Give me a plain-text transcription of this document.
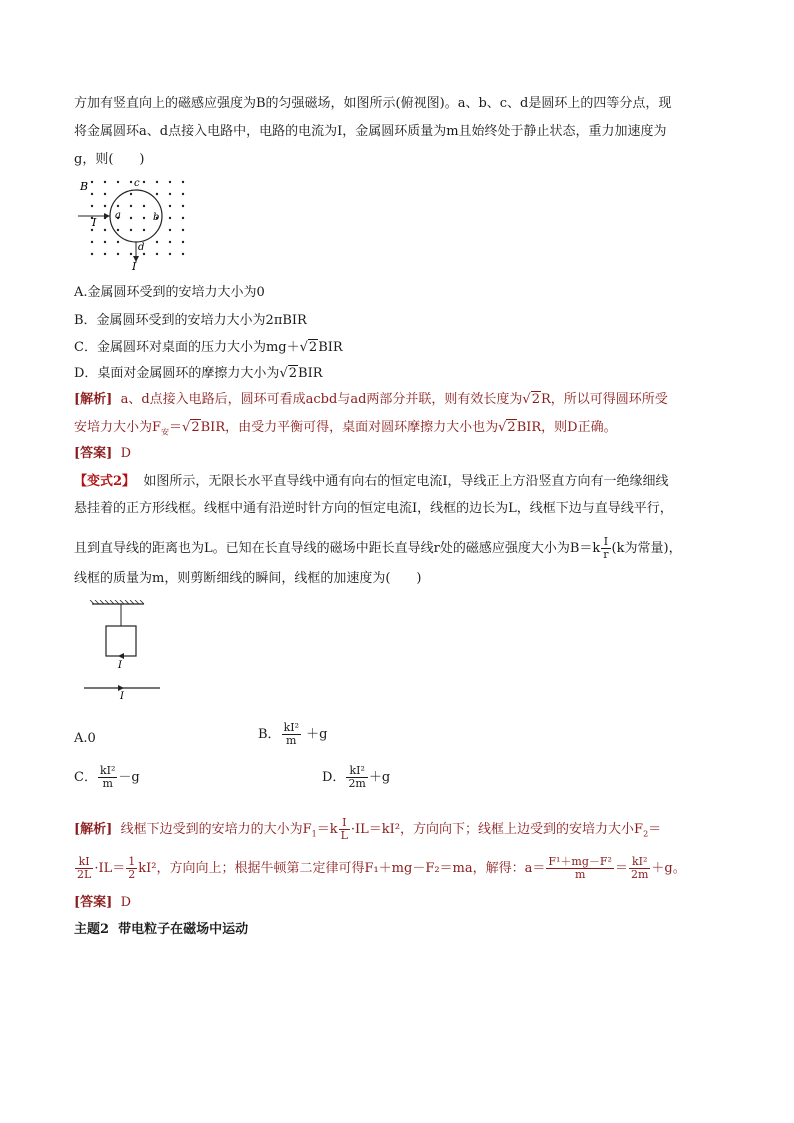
方加有竖直向上的磁感应强度为B的匀强磁场，如图所示(俯视图)。a、b、c、d是圆环上的四等分点，现
将金属圆环a、d点接入电路中，电路的电流为I，金属圆环质量为m且始终处于静止状态，重力加速度为
g，则(　　)
B	c
a	b
d
I
I
A.金属圆环受到的安培力大小为0
B．金属圆环受到的安培力大小为2πBIR
C．金属圆环对桌面的压力大小为mg＋√2BIR
D．桌面对金属圆环的摩擦力大小为√2BIR
[解析] a、d点接入电路后，圆环可看成acbd与ad两部分并联，则有效长度为√2R，所以可得圆环所受
安培力大小为$F_安=√2BIR$，由受力平衡可得，桌面对圆环摩擦力大小也为√2BIR，则D正确。
[答案] D
【变式2】 如图所示，无限长水平直导线中通有向右的恒定电流I，导线正上方沿竖直方向有一绝缘细线
悬挂着的正方形线框。线框中通有沿逆时针方向的恒定电流I，线框的边长为L，线框下边与直导线平行，
且到直导线的距离也为L。已知在长直导线的磁场中距长直导线r处的磁感应强度大小为$B=k \frac{I}{r} (k$为常量)，
线框的质量为m，则剪断细线的瞬间，线框的加速度为(　　)
I
I
A.0	B． $\frac{\text{kI²}}{m} +g$
C． $\frac{\text{kI²}}{m} -g$	D． $\frac{\text{kI²}}{2m} +g$
[解析] 线框下边受到的安培力的大小为$F_1=k \frac{I}{L} \cdot IL=kI^2$，方向向下；线框上边受到的安培力大小$F_2=$
$\frac{kI}{2L} \cdot IL= \frac{1}{2} kI^2$，方向向上；根据牛顿第二定律可得F₁＋mg－F₂＝ma，解得：$a= \frac{\text{F¹＋mg－F²}}{m} = \frac{\text{kI²}}{2m} +g$。
[答案] D
主题2 带电粒子在磁场中运动
